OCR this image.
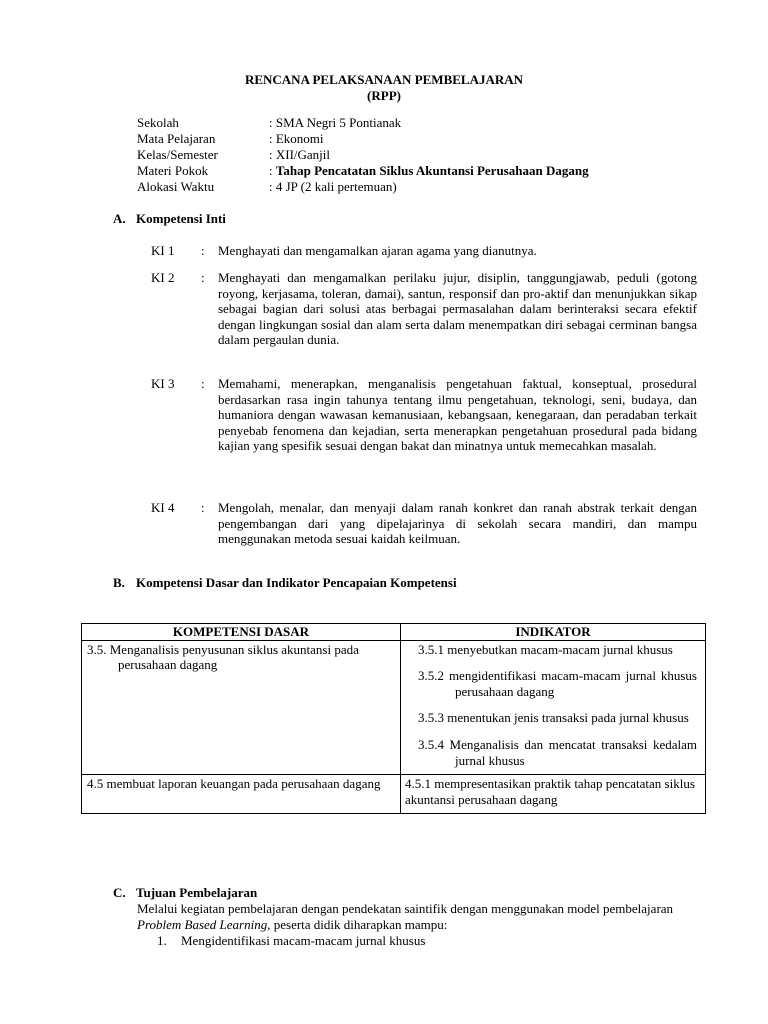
RENCANA PELAKSANAAN PEMBELAJARAN
(RPP)
Sekolah	: SMA Negri 5 Pontianak
Mata Pelajaran	: Ekonomi
Kelas/Semester	: XII/Ganjil
Materi Pokok	: Tahap Pencatatan Siklus Akuntansi Perusahaan Dagang
Alokasi Waktu	: 4 JP (2 kali pertemuan)
A. Kompetensi Inti
KI 1 : Menghayati dan mengamalkan ajaran agama yang dianutnya.
KI 2 : Menghayati dan mengamalkan perilaku jujur, disiplin, tanggungjawab, peduli (gotong royong, kerjasama, toleran, damai), santun, responsif dan pro-aktif dan menunjukkan sikap sebagai bagian dari solusi atas berbagai permasalahan dalam berinteraksi secara efektif dengan lingkungan sosial dan alam serta dalam menempatkan diri sebagai cerminan bangsa dalam pergaulan dunia.
KI 3 : Memahami, menerapkan, menganalisis pengetahuan faktual, konseptual, prosedural berdasarkan rasa ingin tahunya tentang ilmu pengetahuan, teknologi, seni, budaya, dan humaniora dengan wawasan kemanusiaan, kebangsaan, kenegaraan, dan peradaban terkait penyebab fenomena dan kejadian, serta menerapkan pengetahuan prosedural pada bidang kajian yang spesifik sesuai dengan bakat dan minatnya untuk memecahkan masalah.
KI 4 : Mengolah, menalar, dan menyaji dalam ranah konkret dan ranah abstrak terkait dengan pengembangan dari yang dipelajarinya di sekolah secara mandiri, dan mampu menggunakan metoda sesuai kaidah keilmuan.
B. Kompetensi Dasar dan Indikator Pencapaian Kompetensi
KOMPETENSI DASAR	INDIKATOR

3.5. Menganalisis penyusunan siklus akuntansi pada perusahaan dagang	3.5.1 menyebutkan macam-macam jurnal khusus
3.5.2 mengidentifikasi macam-macam jurnal khusus perusahaan dagang
3.5.3 menentukan jenis transaksi pada jurnal khusus
3.5.4 Menganalisis dan mencatat transaksi kedalam jurnal khusus

4.5 membuat laporan keuangan pada perusahaan dagang	4.5.1 mempresentasikan praktik tahap pencatatan siklus akuntansi perusahaan dagang
C. Tujuan Pembelajaran

Melalui kegiatan pembelajaran dengan pendekatan saintifik dengan menggunakan model pembelajaran Problem Based Learning, peserta didik diharapkan mampu:

1. Mengidentifikasi macam-macam jurnal khusus
